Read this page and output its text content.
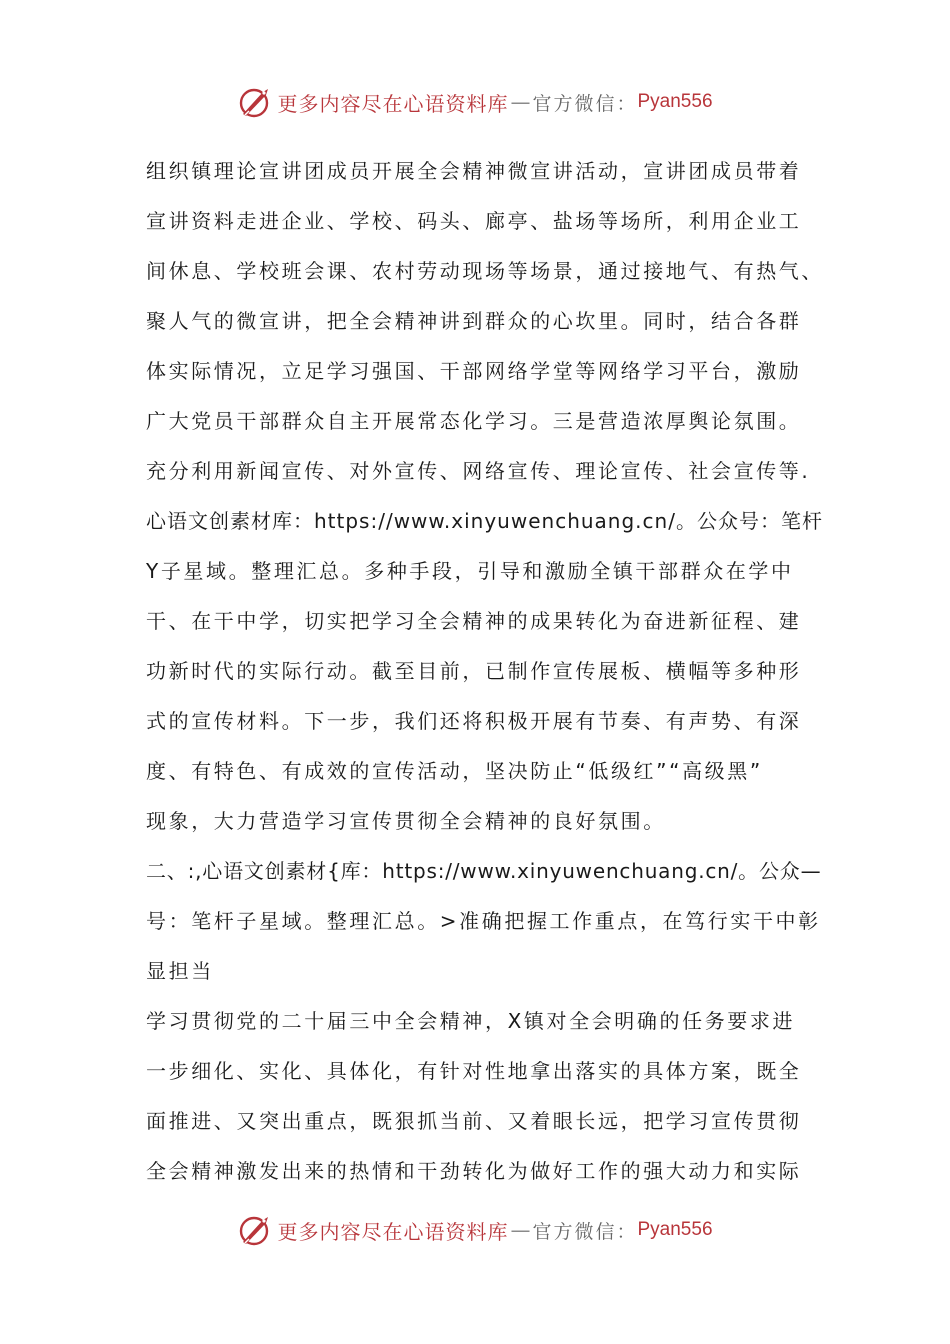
更多内容尽在心语资料库 — 官方微信： Pyan556
组织镇理论宣讲团成员开展全会精神微宣讲活动，宣讲团成员带着
宣讲资料走进企业、学校、码头、廊亭、盐场等场所，利用企业工
间休息、学校班会课、农村劳动现场等场景，通过接地气、有热气、
聚人气的微宣讲，把全会精神讲到群众的心坎里。同时，结合各群
体实际情况，立足学习强国、干部网络学堂等网络学习平台，激励
广大党员干部群众自主开展常态化学习。三是营造浓厚舆论氛围。
充分利用新闻宣传、对外宣传、网络宣传、理论宣传、社会宣传等.
心语文创素材库：https://www.xinyuwenchuang.cn/。公众号：笔杆
Y子星域。整理汇总。多种手段，引导和激励全镇干部群众在学中
干、在干中学，切实把学习全会精神的成果转化为奋进新征程、建
功新时代的实际行动。截至目前，已制作宣传展板、横幅等多种形
式的宣传材料。下一步，我们还将积极开展有节奏、有声势、有深
度、有特色、有成效的宣传活动，坚决防止“低级红”“高级黑”
现象，大力营造学习宣传贯彻全会精神的良好氛围。
二、:,心语文创素材{库：https://www.xinyuwenchuang.cn/。公众—
号：笔杆子星域。整理汇总。>准确把握工作重点，在笃行实干中彰
显担当
学习贯彻党的二十届三中全会精神，X镇对全会明确的任务要求进
一步细化、实化、具体化，有针对性地拿出落实的具体方案，既全
面推进、又突出重点，既狠抓当前、又着眼长远，把学习宣传贯彻
全会精神激发出来的热情和干劲转化为做好工作的强大动力和实际
更多内容尽在心语资料库 — 官方微信： Pyan556
